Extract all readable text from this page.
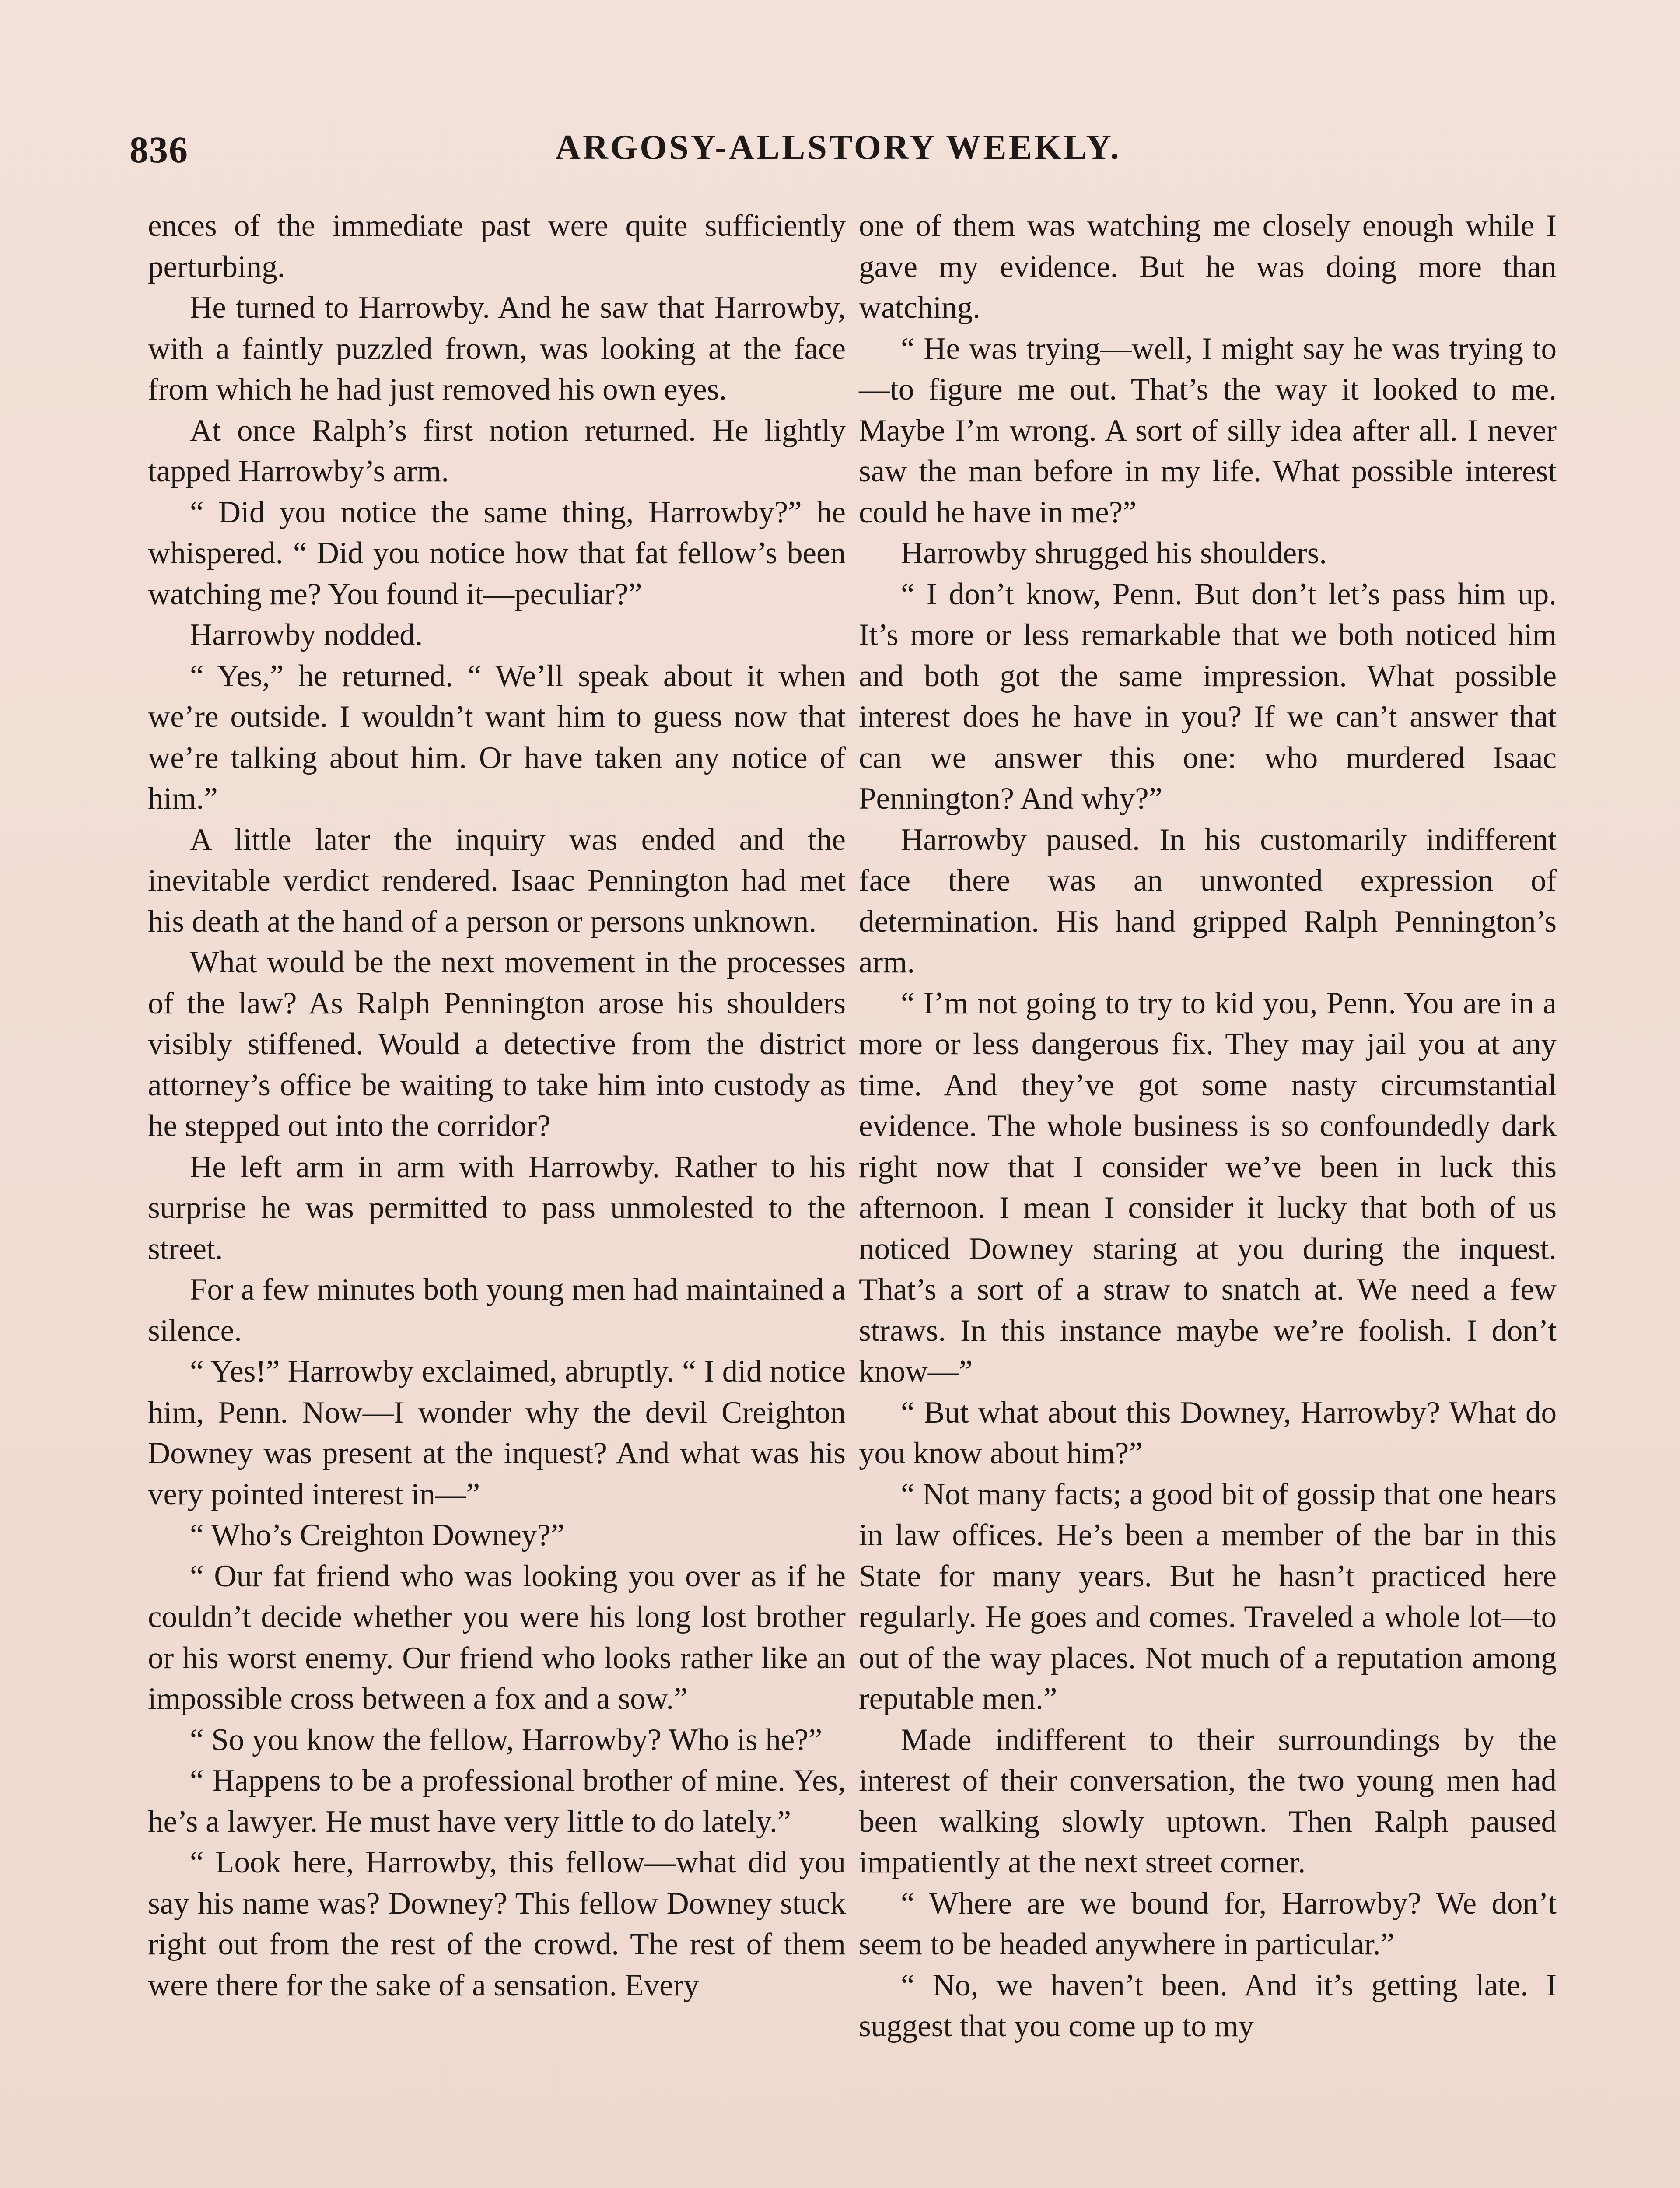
836	ARGOSY-ALLSTORY WEEKLY.

ences of the immediate past were quite sufficiently perturbing.

He turned to Harrowby. And he saw that Harrowby, with a faintly puzzled frown, was looking at the face from which he had just removed his own eyes.

At once Ralph’s first notion returned. He lightly tapped Harrowby’s arm.

“ Did you notice the same thing, Harrowby?” he whispered. “ Did you notice how that fat fellow’s been watching me? You found it—peculiar?”

Harrowby nodded.

“ Yes,” he returned. “ We’ll speak about it when we’re outside. I wouldn’t want him to guess now that we’re talking about him. Or have taken any notice of him.”

A little later the inquiry was ended and the inevitable verdict rendered. Isaac Pennington had met his death at the hand of a person or persons unknown.

What would be the next movement in the processes of the law? As Ralph Pennington arose his shoulders visibly stiffened. Would a detective from the district attorney’s office be waiting to take him into custody as he stepped out into the corridor?

He left arm in arm with Harrowby. Rather to his surprise he was permitted to pass unmolested to the street.

For a few minutes both young men had maintained a silence.

“ Yes!” Harrowby exclaimed, abruptly. “ I did notice him, Penn. Now—I wonder why the devil Creighton Downey was present at the inquest? And what was his very pointed interest in—”

“ Who’s Creighton Downey?”

“ Our fat friend who was looking you over as if he couldn’t decide whether you were his long lost brother or his worst enemy. Our friend who looks rather like an impossible cross between a fox and a sow.”

“ So you know the fellow, Harrowby? Who is he?”

“ Happens to be a professional brother of mine. Yes, he’s a lawyer. He must have very little to do lately.”

“ Look here, Harrowby, this fellow—what did you say his name was? Downey? This fellow Downey stuck right out from the rest of the crowd. The rest of them were there for the sake of a sensation. Every

one of them was watching me closely enough while I gave my evidence. But he was doing more than watching.

“ He was trying—well, I might say he was trying to—to figure me out. That’s the way it looked to me. Maybe I’m wrong. A sort of silly idea after all. I never saw the man before in my life. What possible interest could he have in me?”

Harrowby shrugged his shoulders.

“ I don’t know, Penn. But don’t let’s pass him up. It’s more or less remarkable that we both noticed him and both got the same impression. What possible interest does he have in you? If we can’t answer that can we answer this one: who murdered Isaac Pennington? And why?”

Harrowby paused. In his customarily indifferent face there was an unwonted expression of determination. His hand gripped Ralph Pennington’s arm.

“ I’m not going to try to kid you, Penn. You are in a more or less dangerous fix. They may jail you at any time. And they’ve got some nasty circumstantial evidence. The whole business is so confoundedly dark right now that I consider we’ve been in luck this afternoon. I mean I consider it lucky that both of us noticed Downey staring at you during the inquest. That’s a sort of a straw to snatch at. We need a few straws. In this instance maybe we’re foolish. I don’t know—”

“ But what about this Downey, Harrowby? What do you know about him?”

“ Not many facts; a good bit of gossip that one hears in law offices. He’s been a member of the bar in this State for many years. But he hasn’t practiced here regularly. He goes and comes. Traveled a whole lot—to out of the way places. Not much of a reputation among reputable men.”

Made indifferent to their surroundings by the interest of their conversation, the two young men had been walking slowly uptown. Then Ralph paused impatiently at the next street corner.

“ Where are we bound for, Harrowby? We don’t seem to be headed anywhere in particular.”

“ No, we haven’t been. And it’s getting late. I suggest that you come up to my
